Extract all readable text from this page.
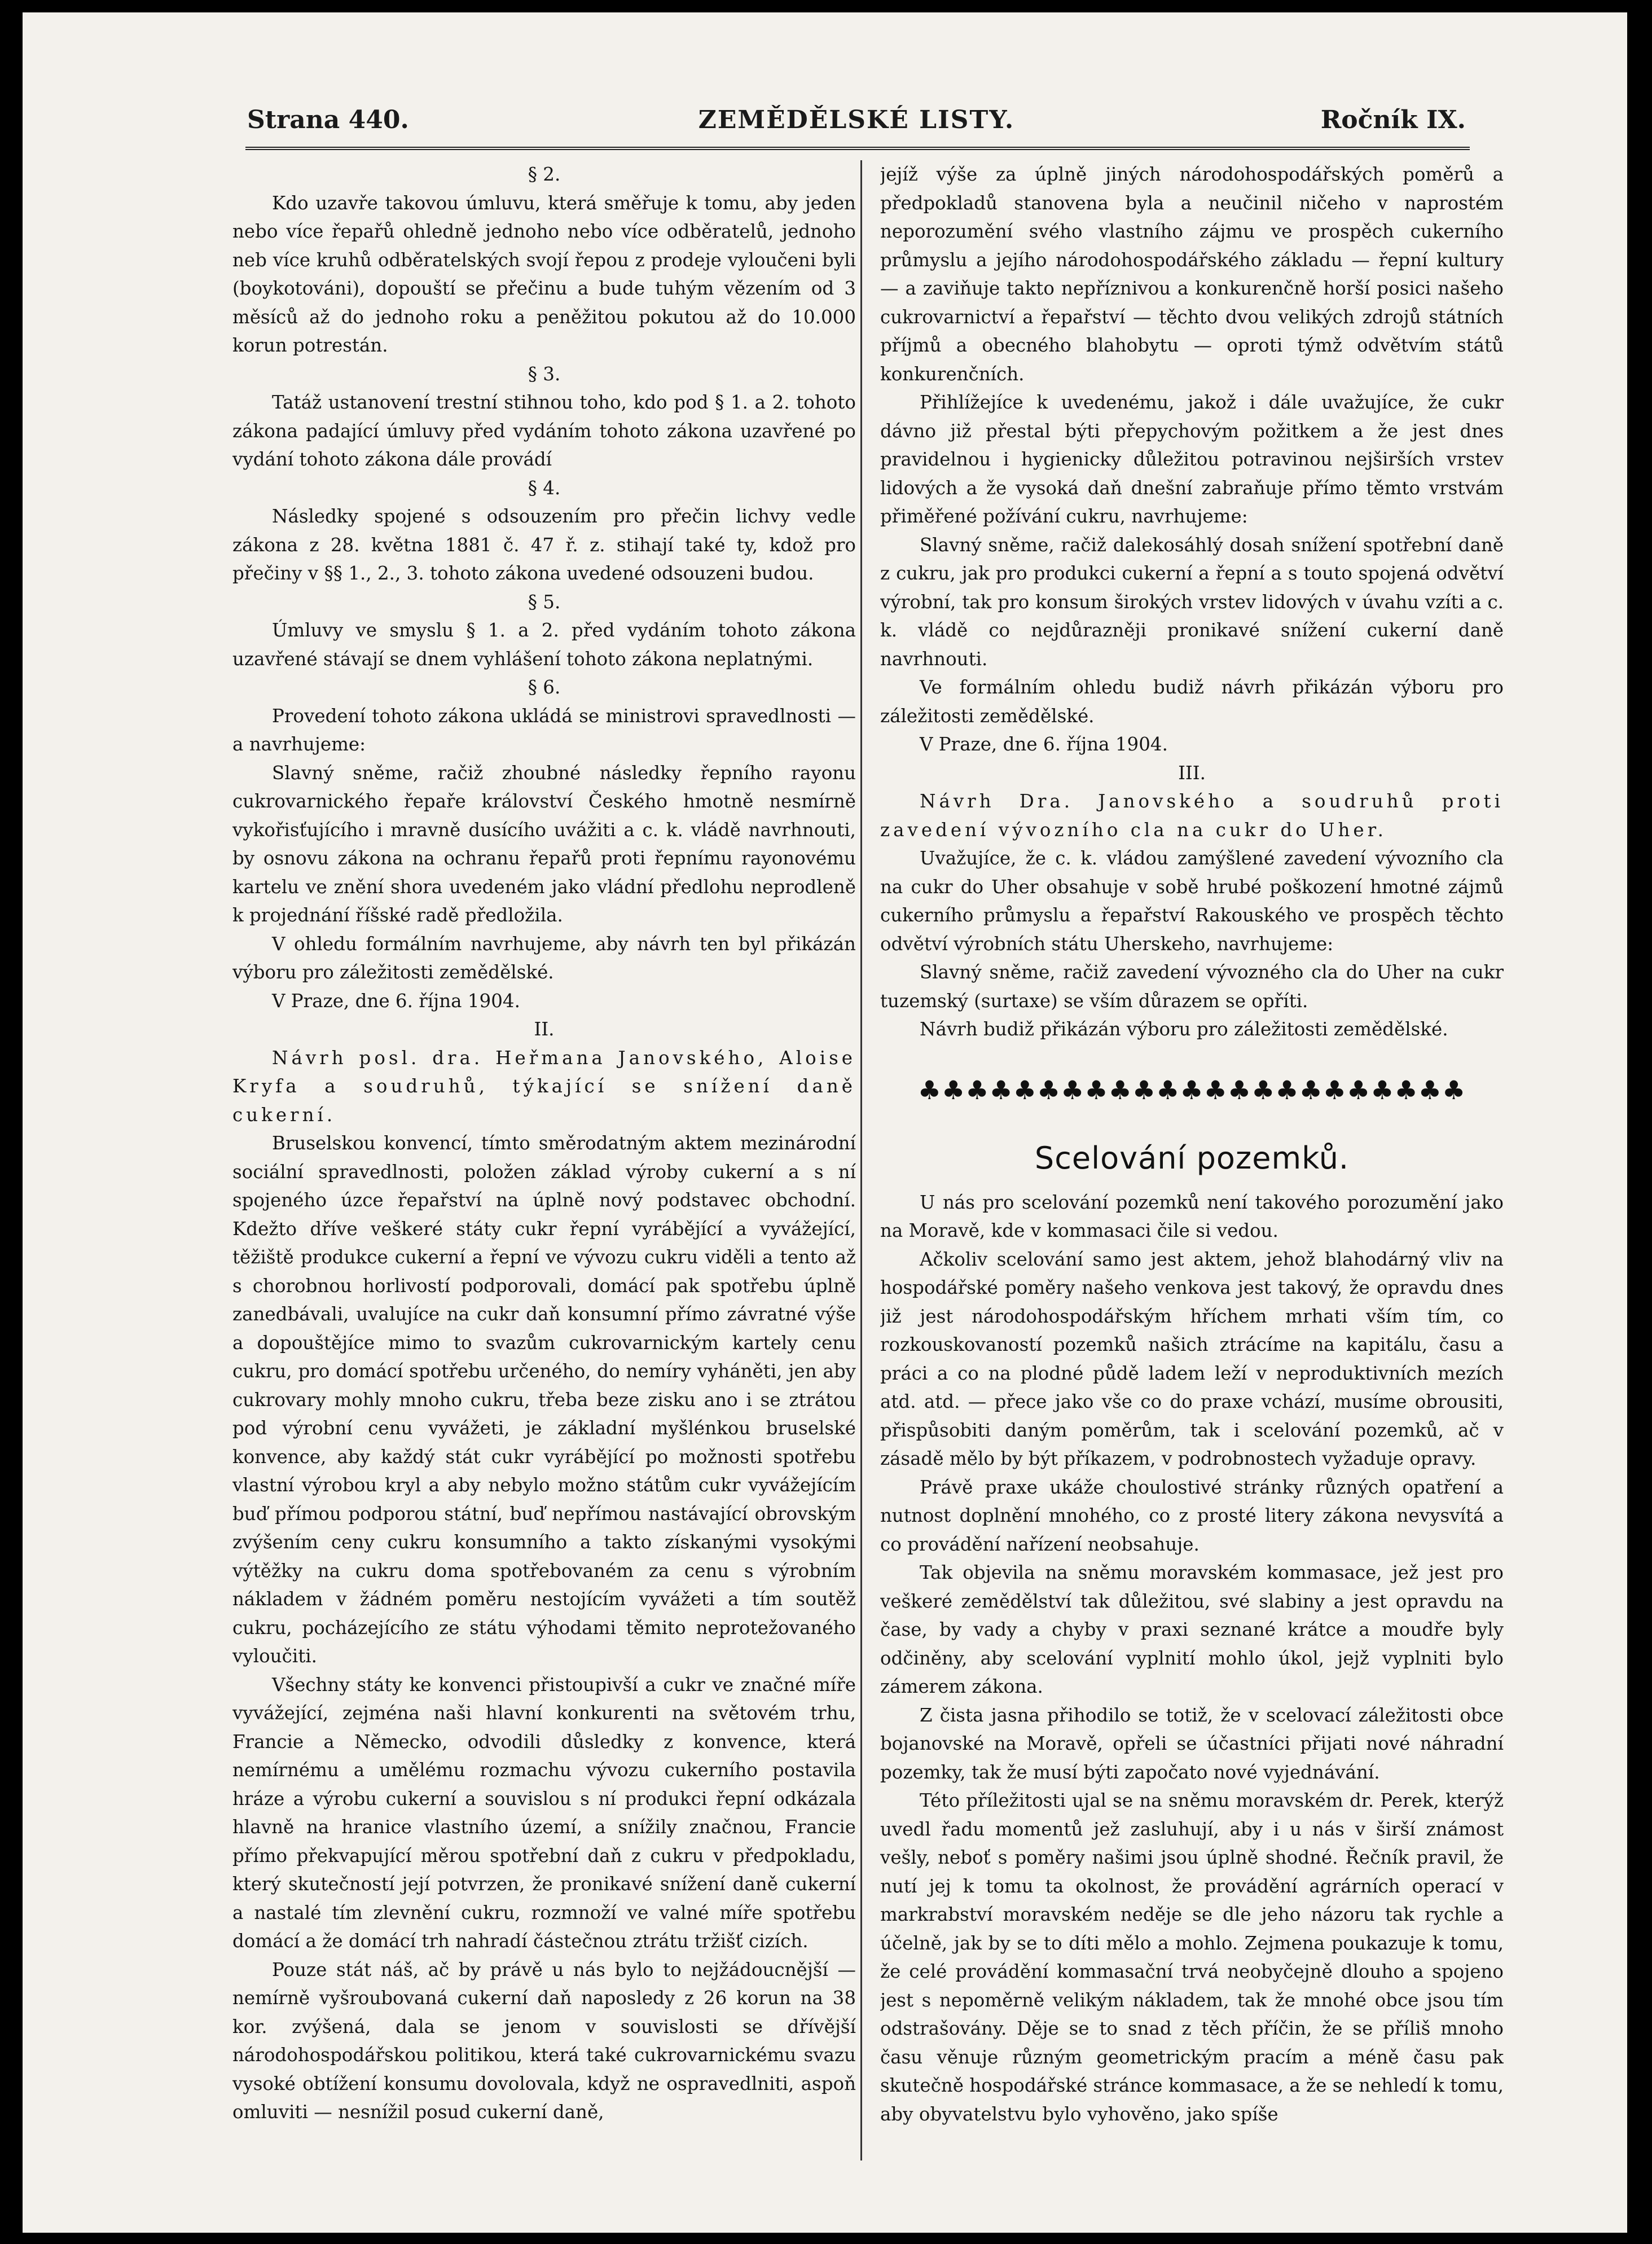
Strana 440.	ZEMĚDĚLSKÉ LISTY.	Ročník IX.

§ 2.

Kdo uzavře takovou úmluvu, která směřuje k tomu, aby jeden nebo více řepařů ohledně jednoho nebo více odběratelů, jednoho neb více kruhů odběratelských svojí řepou z prodeje vyloučeni byli (boykotováni), dopouští se přečinu a bude tuhým vězením od 3 měsíců až do jednoho roku a peněžitou pokutou až do 10.000 korun potrestán.

§ 3.

Tatáž ustanovení trestní stihnou toho, kdo pod § 1. a 2. tohoto zákona padající úmluvy před vydáním tohoto zákona uzavřené po vydání tohoto zákona dále provádí

§ 4.

Následky spojené s odsouzením pro přečin lichvy vedle zákona z 28. května 1881 č. 47 ř. z. stihají také ty, kdož pro přečiny v §§ 1., 2., 3. tohoto zákona uvedené odsouzeni budou.

§ 5.

Úmluvy ve smyslu § 1. a 2. před vydáním tohoto zákona uzavřené stávají se dnem vyhlášení tohoto zákona neplatnými.

§ 6.

Provedení tohoto zákona ukládá se ministrovi spravedlnosti — a navrhujeme:

Slavný sněme, račiž zhoubné následky řepního rayonu cukrovarnického řepaře království Českého hmotně nesmírně vykořisťujícího i mravně dusícího uvážiti a c. k. vládě navrhnouti, by osnovu zákona na ochranu řepařů proti řepnímu rayonovému kartelu ve znění shora uvedeném jako vládní předlohu neprodleně k projednání říšské radě předložila.

V ohledu formálním navrhujeme, aby návrh ten byl přikázán výboru pro záležitosti zemědělské.

V Praze, dne 6. října 1904.

II.

Návrh posl. dra. Heřmana Janovského, Aloise Kryfa a soudruhů, týkající se snížení daně cukerní.

Bruselskou konvencí, tímto směrodatným aktem mezinárodní sociální spravedlnosti, položen základ výroby cukerní a s ní spojeného úzce řepařství na úplně nový podstavec obchodní. Kdežto dříve veškeré státy cukr řepní vyrábějící a vyvážející, těžiště produkce cukerní a řepní ve vývozu cukru viděli a tento až s chorobnou horlivostí podporovali, domácí pak spotřebu úplně zanedbávali, uvalujíce na cukr daň konsumní přímo závratné výše a dopouštějíce mimo to svazům cukrovarnickým kartely cenu cukru, pro domácí spotřebu určeného, do nemíry vyháněti, jen aby cukrovary mohly mnoho cukru, třeba beze zisku ano i se ztrátou pod výrobní cenu vyvážeti, je základní myšlénkou bruselské konvence, aby každý stát cukr vyrábějící po možnosti spotřebu vlastní výrobou kryl a aby nebylo možno státům cukr vyvážejícím buď přímou podporou státní, buď nepřímou nastávající obrovským zvýšením ceny cukru konsumního a takto získanými vysokými výtěžky na cukru doma spotřebovaném za cenu s výrobním nákladem v žádném poměru nestojícím vyvážeti a tím soutěž cukru, pocházejícího ze státu výhodami těmito neprotežovaného vyloučiti.

Všechny státy ke konvenci přistoupivší a cukr ve značné míře vyvážející, zejména naši hlavní konkurenti na světovém trhu, Francie a Německo, odvodili důsledky z konvence, která nemírnému a umělému rozmachu vývozu cukerního postavila hráze a výrobu cukerní a souvislou s ní produkci řepní odkázala hlavně na hranice vlastního území, a snížily značnou, Francie přímo překvapující měrou spotřební daň z cukru v předpokladu, který skutečností její potvrzen, že pronikavé snížení daně cukerní a nastalé tím zlevnění cukru, rozmnoží ve valné míře spotřebu domácí a že domácí trh nahradí částečnou ztrátu tržišť cizích.

Pouze stát náš, ač by právě u nás bylo to nejžádoucnější — nemírně vyšroubovaná cukerní daň naposledy z 26 korun na 38 kor. zvýšená, dala se jenom v souvislosti se dřívější národohospodářskou politikou, která také cukrovarnickému svazu vysoké obtížení konsumu dovolovala, když ne ospravedlniti, aspoň omluviti — nesnížil posud cukerní daně,

jejíž výše za úplně jiných národohospodářských poměrů a předpokladů stanovena byla a neučinil ničeho v naprostém neporozumění svého vlastního zájmu ve prospěch cukerního průmyslu a jejího národohospodářského základu — řepní kultury — a zaviňuje takto nepříznivou a konkurenčně horší posici našeho cukrovarnictví a řepařství — těchto dvou velikých zdrojů státních příjmů a obecného blahobytu — oproti týmž odvětvím států konkurenčních.

Přihlížejíce k uvedenému, jakož i dále uvažujíce, že cukr dávno již přestal býti přepychovým požitkem a že jest dnes pravidelnou i hygienicky důležitou potravinou nejširších vrstev lidových a že vysoká daň dnešní zabraňuje přímo těmto vrstvám přiměřené požívání cukru, navrhujeme:

Slavný sněme, račiž dalekosáhlý dosah snížení spotřební daně z cukru, jak pro produkci cukerní a řepní a s touto spojená odvětví výrobní, tak pro konsum širokých vrstev lidových v úvahu vzíti a c. k. vládě co nejdůrazněji pronikavé snížení cukerní daně navrhnouti.

Ve formálním ohledu budiž návrh přikázán výboru pro záležitosti zemědělské.

V Praze, dne 6. října 1904.

III.

Návrh Dra. Janovského a soudruhů proti zavedení vývozního cla na cukr do Uher.

Uvažujíce, že c. k. vládou zamýšlené zavedení vývozního cla na cukr do Uher obsahuje v sobě hrubé poškození hmotné zájmů cukerního průmyslu a řepařství Rakouského ve prospěch těchto odvětví výrobních státu Uherskeho, navrhujeme:

Slavný sněme, račiž zavedení vývozného cla do Uher na cukr tuzemský (surtaxe) se vším důrazem se opříti.

Návrh budiž přikázán výboru pro záležitosti zemědělské.

♣♣♣♣♣♣♣♣♣♣♣♣♣♣♣♣♣♣♣♣♣♣♣
Scelování pozemků.

U nás pro scelování pozemků není takového porozumění jako na Moravě, kde v kommasaci čile si vedou.

Ačkoliv scelování samo jest aktem, jehož blahodárný vliv na hospodářské poměry našeho venkova jest takový, že opravdu dnes již jest národohospodářským hříchem mrhati vším tím, co rozkouskovaností pozemků našich ztrácíme na kapitálu, času a práci a co na plodné půdě ladem leží v neproduktivních mezích atd. atd. — přece jako vše co do praxe vchází, musíme obrousiti, přispůsobiti daným poměrům, tak i scelování pozemků, ač v zásadě mělo by být příkazem, v podrobnostech vyžaduje opravy.

Právě praxe ukáže choulostivé stránky různých opatření a nutnost doplnění mnohého, co z prosté litery zákona nevysvítá a co provádění nařízení neobsahuje.

Tak objevila na sněmu moravském kommasace, jež jest pro veškeré zemědělství tak důležitou, své slabiny a jest opravdu na čase, by vady a chyby v praxi seznané krátce a moudře byly odčiněny, aby scelování vyplnití mohlo úkol, jejž vyplniti bylo zámerem zákona.

Z čista jasna přihodilo se totiž, že v scelovací záležitosti obce bojanovské na Moravě, opřeli se účastníci přijati nové náhradní pozemky, tak že musí býti započato nové vyjednávání.

Této příležitosti ujal se na sněmu moravském dr. Perek, kterýž uvedl řadu momentů jež zasluhují, aby i u nás v širší známost vešly, neboť s poměry našimi jsou úplně shodné. Řečník pravil, že nutí jej k tomu ta okolnost, že provádění agrárních operací v markrabství moravském neděje se dle jeho názoru tak rychle a účelně, jak by se to díti mělo a mohlo. Zejmena poukazuje k tomu, že celé provádění kommasační trvá neobyčejně dlouho a spojeno jest s nepoměrně velikým nákladem, tak že mnohé obce jsou tím odstrašovány. Děje se to snad z těch příčin, že se příliš mnoho času věnuje různým geometrickým pracím a méně času pak skutečně hospodářské stránce kommasace, a že se nehledí k tomu, aby obyvatelstvu bylo vyhověno, jako spíše
